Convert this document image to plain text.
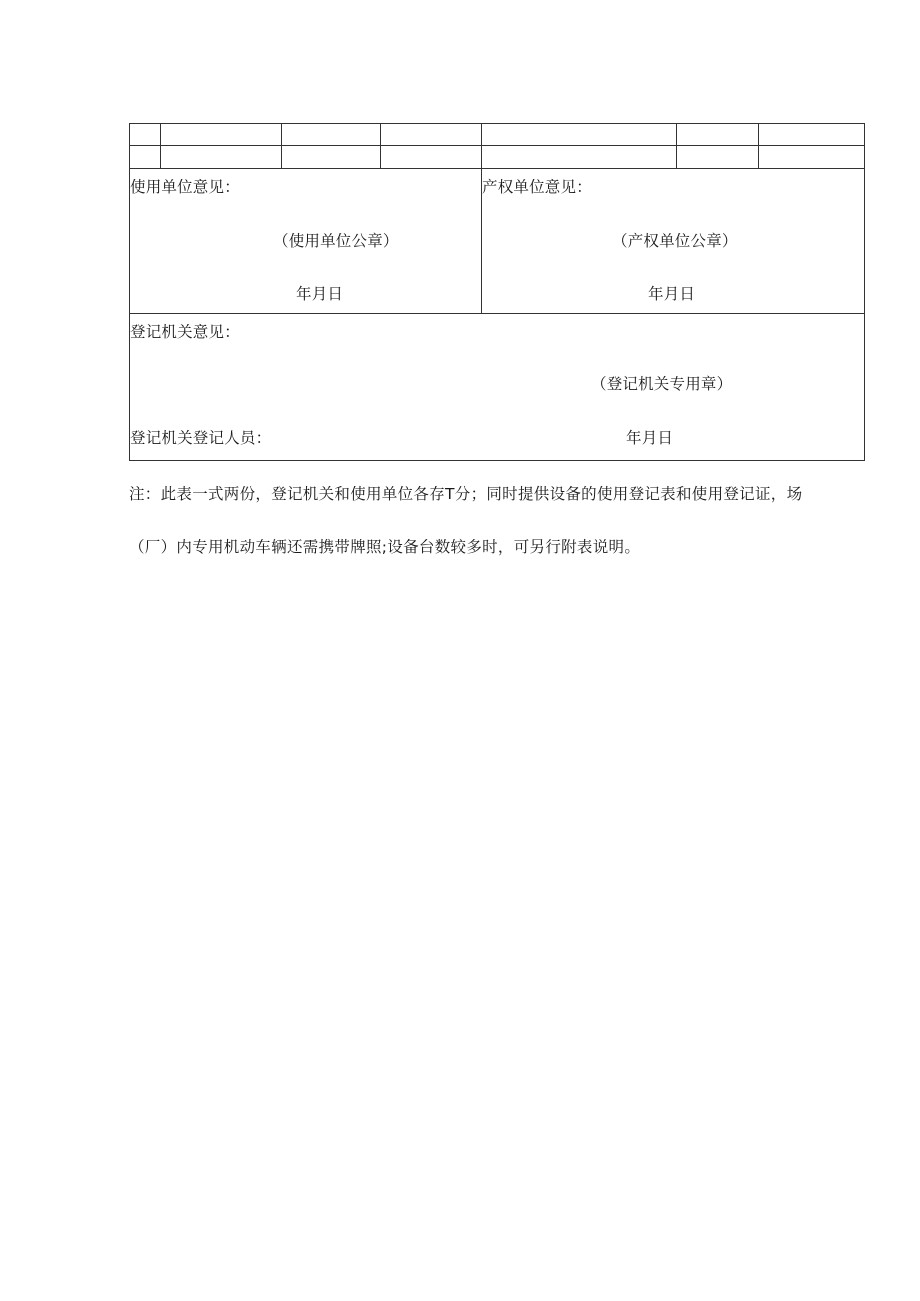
使用单位意见：
（使用单位公章）
年月日
产权单位意见：
（产权单位公章）
年月日
登记机关意见：
（登记机关专用章）
登记机关登记人员：	年月日
注：此表一式两份，登记机关和使用单位各存T分；同时提供设备的使用登记表和使用登记证，场
（厂）内专用机动车辆还需携带牌照;设备台数较多时，可另行附表说明。
